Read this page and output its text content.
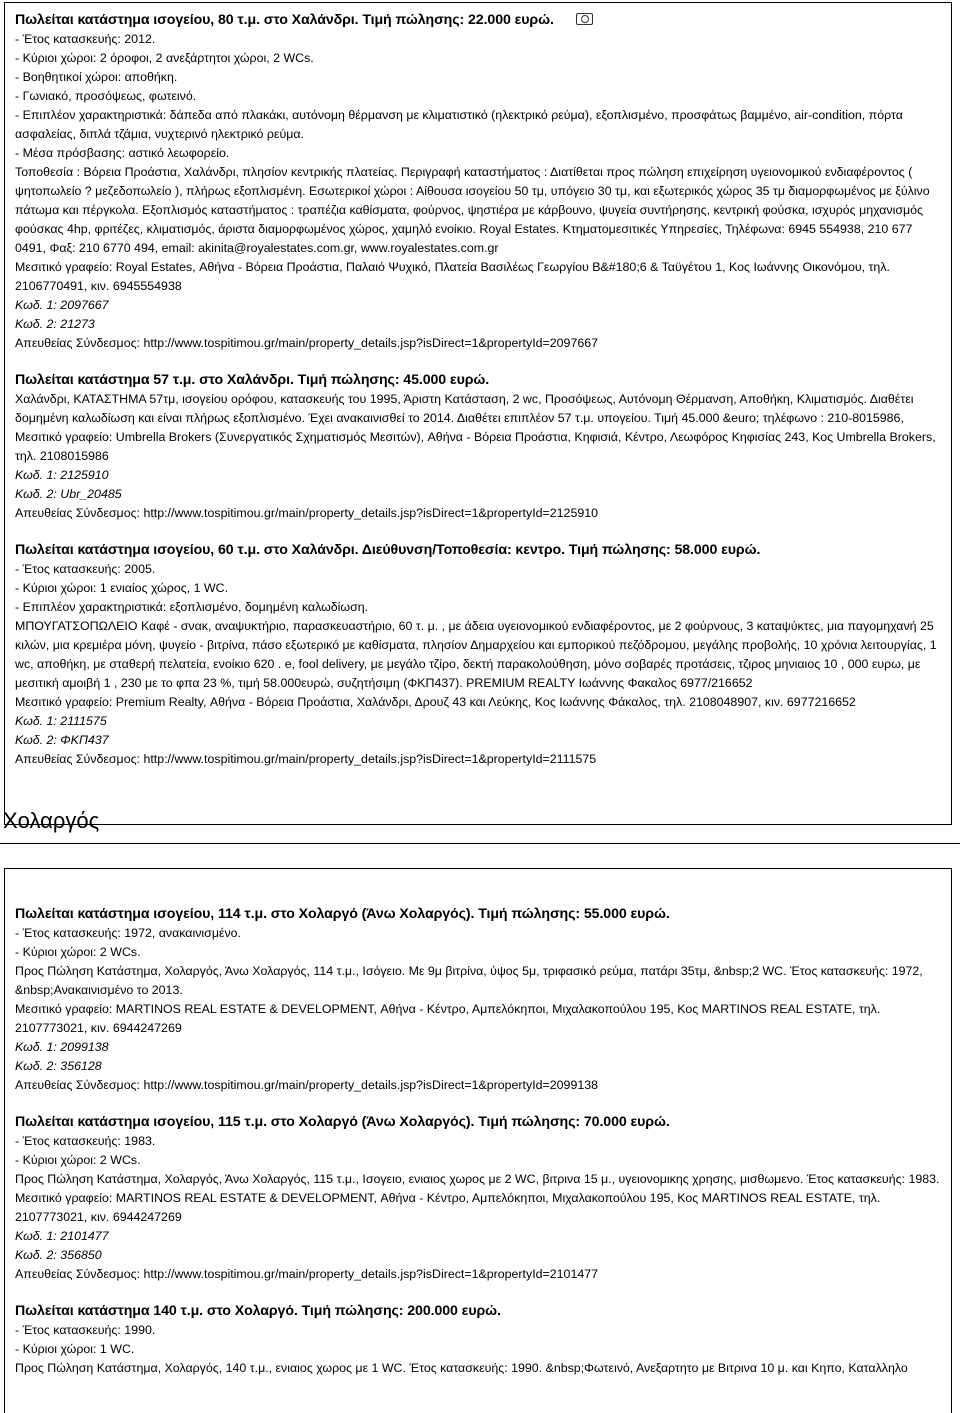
Πωλείται κατάστημα ισογείου, 80 τ.μ. στο Χαλάνδρι. Τιμή πώλησης: 22.000 ευρώ.
- Έτος κατασκευής: 2012.
- Κύριοι χώροι: 2 όροφοι, 2 ανεξάρτητοι χώροι, 2 WCs.
- Βοηθητικοί χώροι: αποθήκη.
- Γωνιακό, προσόψεως, φωτεινό.
- Επιπλέον χαρακτηριστικά: δάπεδα από πλακάκι, αυτόνομη θέρμανση με κλιματιστικό (ηλεκτρικό ρεύμα), εξοπλισμένο, προσφάτως βαμμένο, air-condition, πόρτα ασφαλείας, διπλά τζάμια, νυχτερινό ηλεκτρικό ρεύμα.
- Μέσα πρόσβασης: αστικό λεωφορείο.
Τοποθεσία : Βόρεια Προάστια, Χαλάνδρι, πλησίον κεντρικής πλατείας. Περιγραφή καταστήματος : Διατίθεται προς πώληση επιχείρηση υγειονομικού ενδιαφέροντος ( ψητοπωλείο ? μεζεδοπωλείο ), πλήρως εξοπλισμένη. Εσωτερικοί χώροι : Αίθουσα ισογείου 50 τμ, υπόγειο 30 τμ, και εξωτερικός χώρος 35 τμ διαμορφωμένος με ξύλινο πάτωμα και πέργκολα. Εξοπλισμός καταστήματος : τραπέζια καθίσματα, φούρνος, ψηστιέρα με κάρβουνο, ψυγεία συντήρησης, κεντρική φούσκα, ισχυρός μηχανισμός φούσκας 4hp, φριτέζες, κλιματισμός, άριστα διαμορφωμένος χώρος, χαμηλό ενοίκιο. Royal Estates. Κτηματομεσιτικές Υπηρεσίες, Τηλέφωνα: 6945 554938, 210 677 0491, Φαξ: 210 6770 494, email: akinita@royalestates.com.gr, www.royalestates.com.gr
Μεσιτικό γραφείο: Royal Estates, Αθήνα - Βόρεια Προάστια, Παλαιό Ψυχικό, Πλατεία Βασιλέως Γεωργίου Β&#180;6 & Ταϋγέτου 1, Κος Ιωάννης Οικονόμου, τηλ. 2106770491, κιν. 6945554938
Κωδ. 1: 2097667
Κωδ. 2: 21273
Απευθείας Σύνδεσμος: http://www.tospitimou.gr/main/property_details.jsp?isDirect=1&propertyId=2097667
Πωλείται κατάστημα 57 τ.μ. στο Χαλάνδρι. Τιμή πώλησης: 45.000 ευρώ.
Χαλάνδρι, ΚΑΤΑΣΤΗΜΑ 57τμ, ισογείου ορόφου, κατασκευής του 1995, Άριστη Κατάσταση, 2 wc, Προσόψεως, Αυτόνομη Θέρμανση, Αποθήκη, Κλιματισμός. Διαθέτει δομημένη καλωδίωση και είναι πλήρως εξοπλισμένο. Έχει ανακαινισθεί το 2014. Διαθέτει επιπλέον 57 τ.μ. υπογείου. Τιμή 45.000 &euro; τηλέφωνο : 210-8015986,
Μεσιτικό γραφείο: Umbrella Brokers (Συνεργατικός Σχηματισμός Μεσιτών), Αθήνα - Βόρεια Προάστια, Κηφισιά, Κέντρο, Λεωφόρος Κηφισίας 243, Κος Umbrella Brokers, τηλ. 2108015986
Κωδ. 1: 2125910
Κωδ. 2: Ubr_20485
Απευθείας Σύνδεσμος: http://www.tospitimou.gr/main/property_details.jsp?isDirect=1&propertyId=2125910
Πωλείται κατάστημα ισογείου, 60 τ.μ. στο Χαλάνδρι. Διεύθυνση/Τοποθεσία: κεντρο. Τιμή πώλησης: 58.000 ευρώ.
- Έτος κατασκευής: 2005.
- Κύριοι χώροι: 1 ενιαίος χώρος, 1 WC.
- Επιπλέον χαρακτηριστικά: εξοπλισμένο, δομημένη καλωδίωση.
ΜΠΟΥΓΑΤΣΟΠΩΛΕΙΟ Καφέ - σνακ, αναψυκτήριο, παρασκευαστήριο, 60 τ. μ. , με άδεια υγειονομικού ενδιαφέροντος, με 2 φούρνους, 3 καταψύκτες, μια παγομηχανή 25 κιλών, μια κρεμιέρα μόνη, ψυγείο - βιτρίνα, πάσο εξωτερικό με καθίσματα, πλησίον Δημαρχείου και εμπορικού πεζόδρομου, μεγάλης προβολής, 10 χρόνια λειτουργίας, 1 wc, αποθήκη, με σταθερή πελατεία, ενοίκιο 620 . e, fool delivery, με μεγάλο τζίρο, δεκτή παρακολούθηση, μόνο σοβαρές προτάσεις, τζιρος μηνιαιος 10 , 000 ευρω, με μεσιτική αμοιβή 1 , 230 με το φπα 23 %, τιμή 58.000ευρώ, συζητήσιμη (ΦΚΠ437). PREMIUM REALTY Ιωάννης Φακαλος 6977/216652
Μεσιτικό γραφείο: Premium Realty, Αθήνα - Βόρεια Προάστια, Χαλάνδρι, Δρουζ 43 και Λεύκης, Κος Ιωάννης Φάκαλος, τηλ. 2108048907, κιν. 6977216652
Κωδ. 1: 2111575
Κωδ. 2: ΦΚΠ437
Απευθείας Σύνδεσμος: http://www.tospitimou.gr/main/property_details.jsp?isDirect=1&propertyId=2111575
Χολαργός
Πωλείται κατάστημα ισογείου, 114 τ.μ. στο Χολαργό (Άνω Χολαργός). Τιμή πώλησης: 55.000 ευρώ.
- Έτος κατασκευής: 1972, ανακαινισμένο.
- Κύριοι χώροι: 2 WCs.
Προς Πώληση Κατάστημα, Χολαργός, Άνω Χολαργός, 114 τ.μ., Ισόγειο. Με 9μ βιτρίνα, ύψος 5μ, τριφασικό ρεύμα, πατάρι 35τμ, &nbsp;2 WC. Έτος κατασκευής: 1972, &nbsp;Ανακαινισμένο το 2013.
Μεσιτικό γραφείο: MARTINOS REAL ESTATE & DEVELOPMENT, Αθήνα - Κέντρο, Αμπελόκηποι, Μιχαλακοπούλου 195, Κος MARTINOS REAL ESTATE, τηλ. 2107773021, κιν. 6944247269
Κωδ. 1: 2099138
Κωδ. 2: 356128
Απευθείας Σύνδεσμος: http://www.tospitimou.gr/main/property_details.jsp?isDirect=1&propertyId=2099138
Πωλείται κατάστημα ισογείου, 115 τ.μ. στο Χολαργό (Άνω Χολαργός). Τιμή πώλησης: 70.000 ευρώ.
- Έτος κατασκευής: 1983.
- Κύριοι χώροι: 2 WCs.
Προς Πώληση Κατάστημα, Χολαργός, Άνω Χολαργός, 115 τ.μ., Ισογειο, ενιαιος χωρος με 2 WC, βιτρινα 15 μ., υγειονομικης χρησης, μισθωμενο. Έτος κατασκευής: 1983.
Μεσιτικό γραφείο: MARTINOS REAL ESTATE & DEVELOPMENT, Αθήνα - Κέντρο, Αμπελόκηποι, Μιχαλακοπούλου 195, Κος MARTINOS REAL ESTATE, τηλ. 2107773021, κιν. 6944247269
Κωδ. 1: 2101477
Κωδ. 2: 356850
Απευθείας Σύνδεσμος: http://www.tospitimou.gr/main/property_details.jsp?isDirect=1&propertyId=2101477
Πωλείται κατάστημα 140 τ.μ. στο Χολαργό. Τιμή πώλησης: 200.000 ευρώ.
- Έτος κατασκευής: 1990.
- Κύριοι χώροι: 1 WC.
Προς Πώληση Κατάστημα, Χολαργός, 140 τ.μ., ενιαιος χωρος με 1 WC. Έτος κατασκευής: 1990. &nbsp;Φωτεινό, Ανεξαρτητο με Βιτρινα 10 μ. και Κηπο, Καταλληλο
